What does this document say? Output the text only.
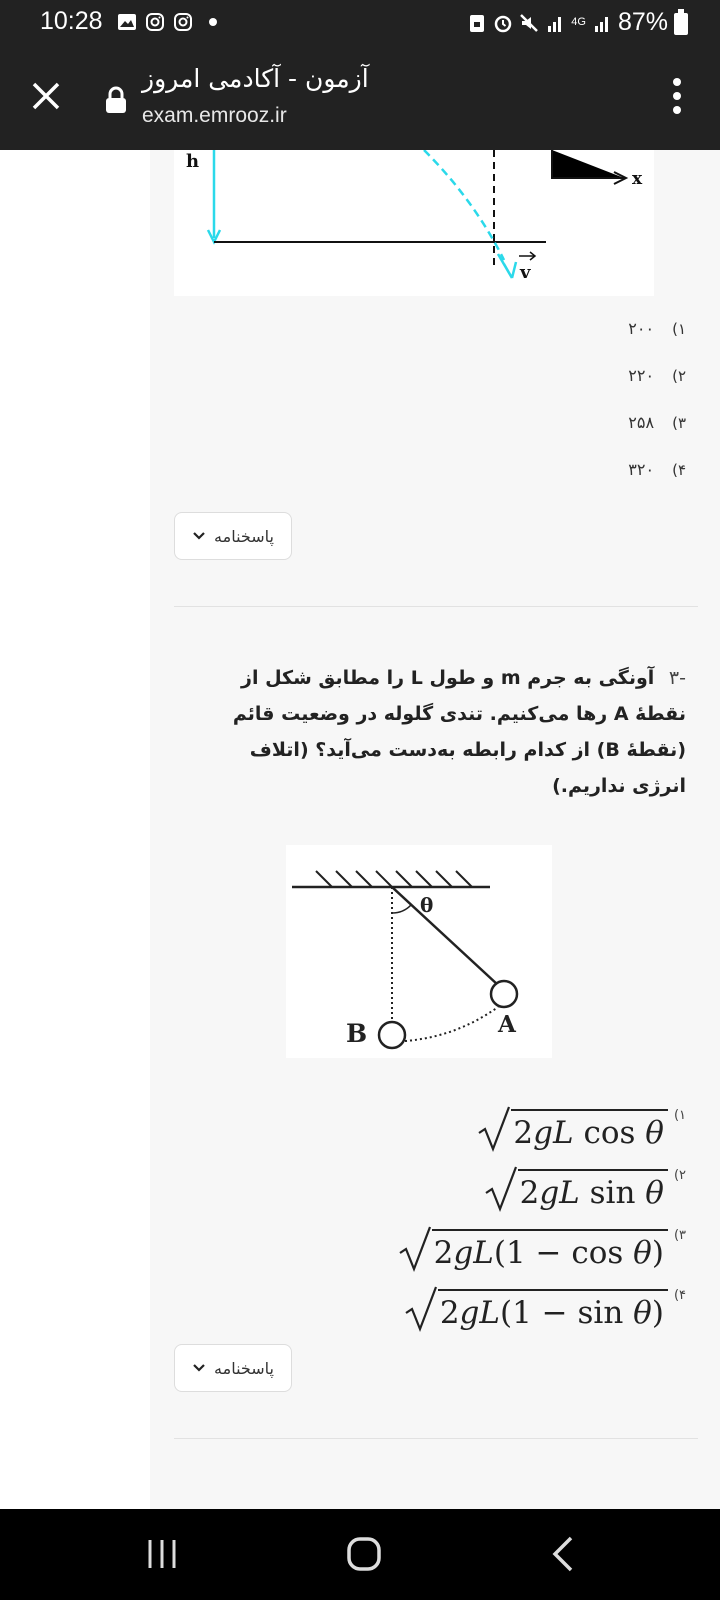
10:28	4G 87%
آزمون - آکادمی امروز
exam.emrooz.ir
h
x
v
۱)
۲۰۰
۲)
۲۲۰
۳)
۲۵۸
۴)
۳۲۰
پاسخنامه
-۳ آونگی به جرم m و طول L را مطابق شکل از نقطهٔ A رها می‌کنیم. تندی گلوله در وضعیت قائم (نقطهٔ B) از کدام رابطه به‌دست می‌آید؟ (اتلاف انرژی نداریم.)
θ
A
B
۱)
2gL cos θ
۲)
2gL sin θ
۳)
2gL(1 − cos θ)
۴)
2gL(1 − sin θ)
پاسخنامه
